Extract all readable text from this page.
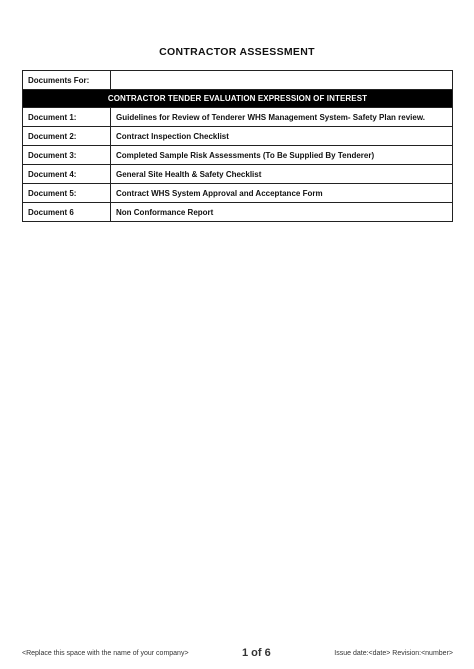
CONTRACTOR ASSESSMENT
Documents For:	
CONTRACTOR TENDER EVALUATION EXPRESSION OF INTEREST	
Document 1:	Guidelines for Review of Tenderer WHS Management System- Safety Plan review.
Document 2:	Contract Inspection Checklist
Document 3:	Completed Sample Risk Assessments (To Be Supplied By Tenderer)
Document 4:	General Site Health & Safety Checklist
Document 5:	Contract WHS System Approval and Acceptance Form
Document 6	Non Conformance Report
<Replace this space with the name of your company>	1 of 6	Issue date:<date> Revision:<number>
